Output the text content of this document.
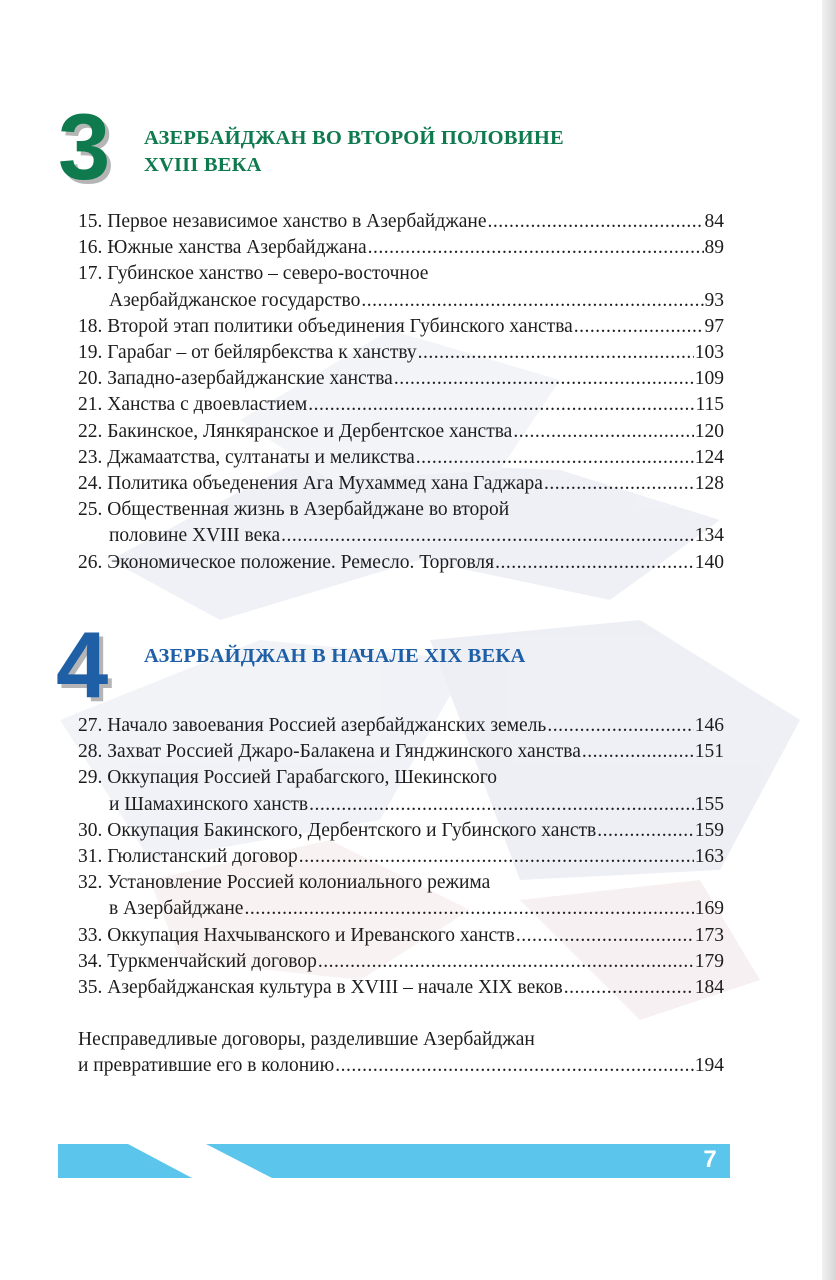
3 АЗЕРБАЙДЖАН ВО ВТОРОЙ ПОЛОВИНЕ
XVIII ВЕКА
15. Первое независимое ханство в Азербайджане .....	84
16. Южные ханства Азербайджана .....	89
17. Губинское ханство – северо-восточное
Азербайджанское государство .....	93
18. Второй этап политики объединения Губинского ханства .....	97
19. Гарабаг – от бейлярбекства к ханству .....	103
20. Западно-азербайджанские ханства .....	109
21. Ханства с двоевластием .....	115
22. Бакинское, Лянкяранское и Дербентское ханства .....	120
23. Джамаатства, султанаты и меликства .....	124
24. Политика объеденения Ага Мухаммед хана Гаджара .....	128
25. Общественная жизнь в Азербайджане во второй
половине XVIII века .....	134
26. Экономическое положение. Ремесло. Торговля .....	140
4 АЗЕРБАЙДЖАН В НАЧАЛЕ XIX ВЕКА
27. Начало завоевания Россией азербайджанских земель .....	146
28. Захват Россией Джаро-Балакена и Гянджинского ханства .....	151
29. Оккупация Россией Гарабагского, Шекинского
и Шамахинского ханств .....	155
30. Оккупация Бакинского, Дербентского и Губинского ханств .....	159
31. Гюлистанский договор .....	163
32. Установление Россией колониального режима
в Азербайджане .....	169
33. Оккупация Нахчыванского и Иреванского ханств .....	173
34. Туркменчайский договор .....	179
35. Азербайджанская культура в XVIII – начале XIX веков .....	184
Несправедливые договоры, разделившие Азербайджан
и превратившие его в колонию .....	194
7
